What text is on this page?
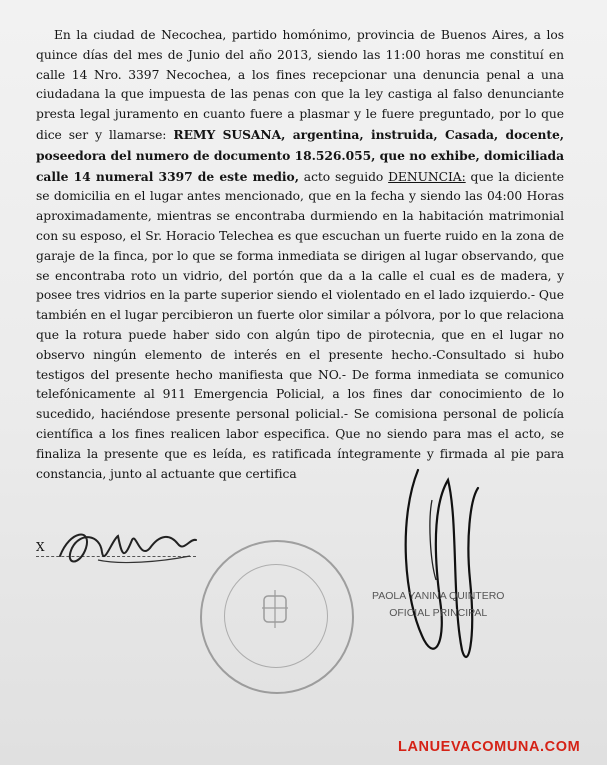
En la ciudad de Necochea, partido homónimo, provincia de Buenos Aires, a los quince días del mes de Junio del año 2013, siendo las 11:00 horas me constituí en calle 14 Nro. 3397 Necochea, a los fines recepcionar una denuncia penal a una ciudadana la que impuesta de las penas con que la ley castiga al falso denunciante presta legal juramento en cuanto fuere a plasmar y le fuere preguntado, por lo que dice ser y llamarse: REMY SUSANA, argentina, instruida, Casada, docente, poseedora del numero de documento 18.526.055, que no exhibe, domiciliada calle 14 numeral 3397 de este medio, acto seguido DENUNCIA: que la diciente se domicilia en el lugar antes mencionado, que en la fecha y siendo las 04:00 Horas aproximadamente, mientras se encontraba durmiendo en la habitación matrimonial con su esposo, el Sr. Horacio Telechea es que escuchan un fuerte ruido en la zona de garaje de la finca, por lo que se forma inmediata se dirigen al lugar observando, que se encontraba roto un vidrio, del portón que da a la calle el cual es de madera, y posee tres vidrios en la parte superior siendo el violentado en el lado izquierdo.- Que también en el lugar percibieron un fuerte olor similar a pólvora, por lo que relaciona que la rotura puede haber sido con algún tipo de pirotecnia, que en el lugar no observo ningún elemento de interés en el presente hecho.-Consultado si hubo testigos del presente hecho manifiesta que NO.- De forma inmediata se comunico telefónicamente al 911 Emergencia Policial, a los fines dar conocimiento de lo sucedido, haciéndose presente personal policial.- Se comisiona personal de policía científica a los fines realicen labor especifica. Que no siendo para mas el acto, se finaliza la presente que es leída, es ratificada íntegramente y firmada al pie para constancia, junto al actuante que certifica

X
PAOLA YANINA QUINTERO
OFICIAL PRINCIPAL
LANUEVACOMUNA.COM
